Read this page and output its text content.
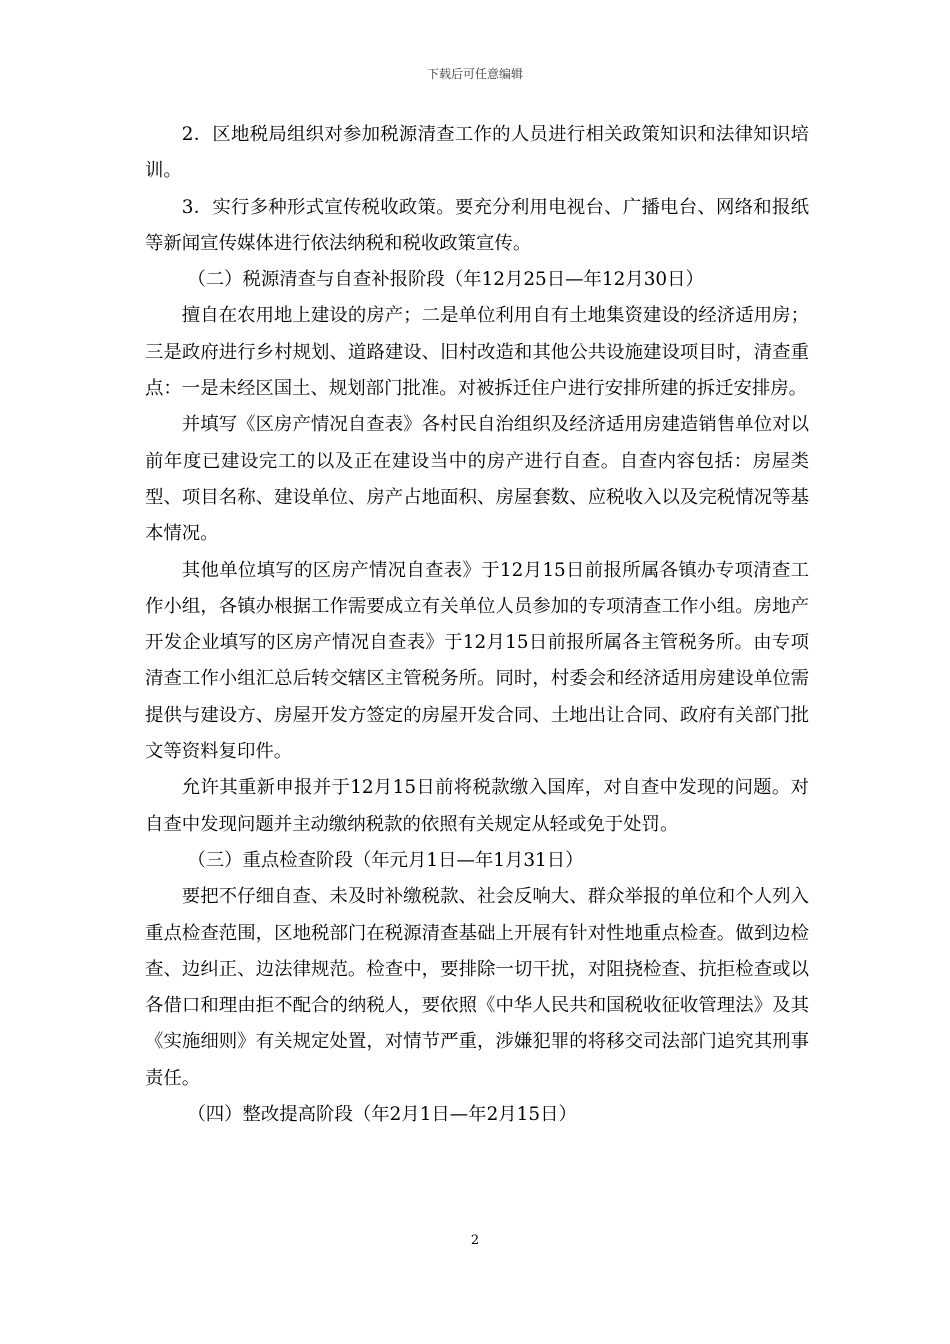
下载后可任意编辑

2．区地税局组织对参加税源清查工作的人员进行相关政策知识和法律知识培训。

3．实行多种形式宣传税收政策。要充分利用电视台、广播电台、网络和报纸等新闻宣传媒体进行依法纳税和税收政策宣传。

（二）税源清查与自查补报阶段（年12月25日—年12月30日）

擅自在农用地上建设的房产；二是单位利用自有土地集资建设的经济适用房；三是政府进行乡村规划、道路建设、旧村改造和其他公共设施建设项目时，清查重点：一是未经区国土、规划部门批准。对被拆迁住户进行安排所建的拆迁安排房。

并填写《区房产情况自查表》各村民自治组织及经济适用房建造销售单位对以前年度已建设完工的以及正在建设当中的房产进行自查。自查内容包括：房屋类型、项目名称、建设单位、房产占地面积、房屋套数、应税收入以及完税情况等基本情况。

其他单位填写的区房产情况自查表》于12月15日前报所属各镇办专项清查工作小组，各镇办根据工作需要成立有关单位人员参加的专项清查工作小组。房地产开发企业填写的区房产情况自查表》于12月15日前报所属各主管税务所。由专项清查工作小组汇总后转交辖区主管税务所。同时，村委会和经济适用房建设单位需提供与建设方、房屋开发方签定的房屋开发合同、土地出让合同、政府有关部门批文等资料复印件。

允许其重新申报并于12月15日前将税款缴入国库，对自查中发现的问题。对自查中发现问题并主动缴纳税款的依照有关规定从轻或免于处罚。

（三）重点检查阶段（年元月1日—年1月31日）

要把不仔细自查、未及时补缴税款、社会反响大、群众举报的单位和个人列入重点检查范围，区地税部门在税源清查基础上开展有针对性地重点检查。做到边检查、边纠正、边法律规范。检查中，要排除一切干扰，对阻挠检查、抗拒检查或以各借口和理由拒不配合的纳税人，要依照《中华人民共和国税收征收管理法》及其《实施细则》有关规定处置，对情节严重，涉嫌犯罪的将移交司法部门追究其刑事责任。

（四）整改提高阶段（年2月1日—年2月15日）

2
